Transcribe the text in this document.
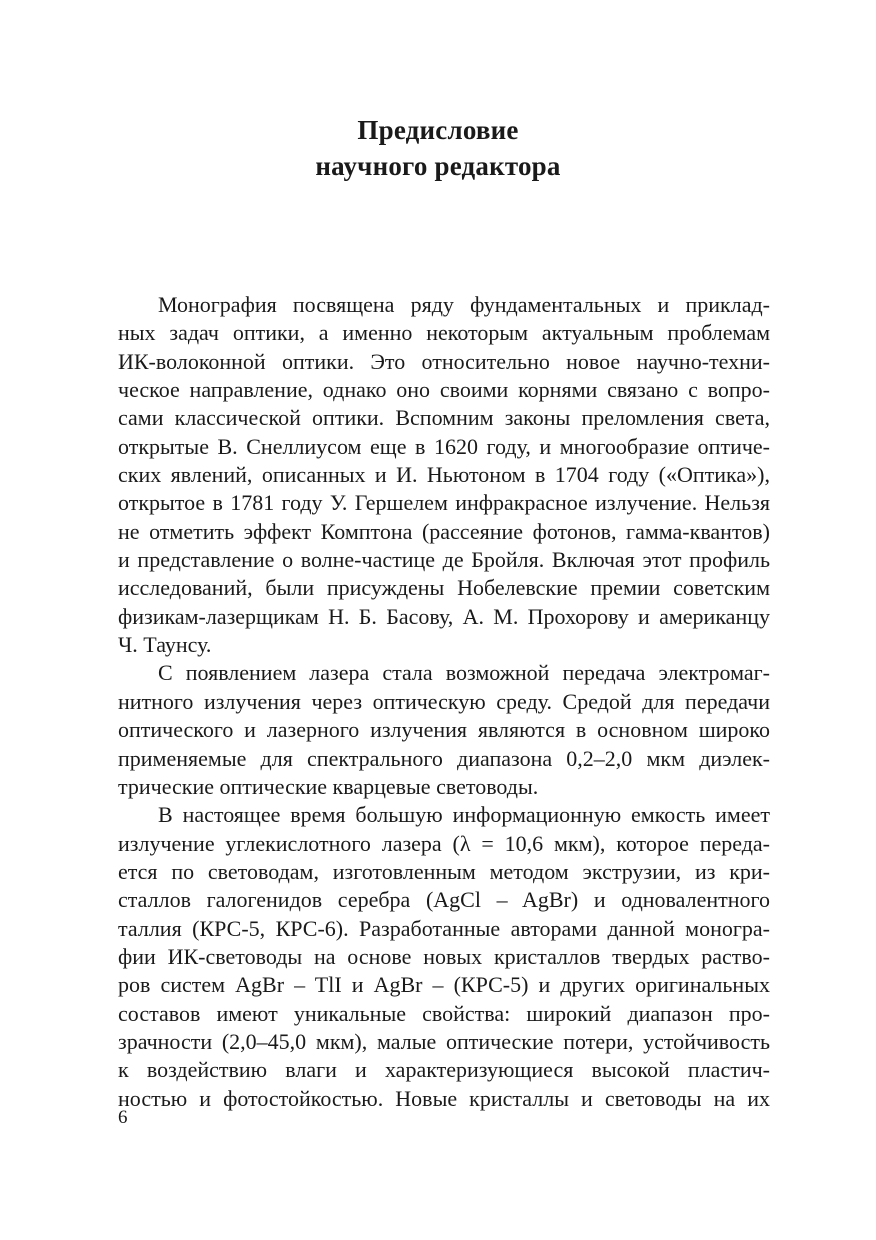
Предисловие
научного редактора
Монография посвящена ряду фундаментальных и приклад-
ных задач оптики, а именно некоторым актуальным проблемам
ИК-волоконной оптики. Это относительно новое научно-техни-
ческое направление, однако оно своими корнями связано с вопро-
сами классической оптики. Вспомним законы преломления света,
открытые В. Снеллиусом еще в 1620 году, и многообразие оптиче-
ских явлений, описанных и И. Ньютоном в 1704 году («Оптика»),
открытое в 1781 году У. Гершелем инфракрасное излучение. Нельзя
не отметить эффект Комптона (рассеяние фотонов, гамма-квантов)
и представление о волне-частице де Бройля. Включая этот профиль
исследований, были присуждены Нобелевские премии советским
физикам-лазерщикам Н. Б. Басову, А. М. Прохорову и американцу
Ч. Таунсу.
С появлением лазера стала возможной передача электромаг-
нитного излучения через оптическую среду. Средой для передачи
оптического и лазерного излучения являются в основном широко
применяемые для спектрального диапазона 0,2–2,0 мкм диэлек-
трические оптические кварцевые световоды.
В настоящее время большую информационную емкость имеет
излучение углекислотного лазера (λ = 10,6 мкм), которое переда-
ется по световодам, изготовленным методом экструзии, из кри-
сталлов галогенидов серебра (AgCl – AgBr) и одновалентного
таллия (КРС-5, КРС-6). Разработанные авторами данной моногра-
фии ИК-световоды на основе новых кристаллов твердых раство-
ров систем AgBr – TlI и AgBr – (КРС-5) и других оригинальных
составов имеют уникальные свойства: широкий диапазон про-
зрачности (2,0–45,0 мкм), малые оптические потери, устойчивость
к воздействию влаги и характеризующиеся высокой пластич-
ностью и фотостойкостью. Новые кристаллы и световоды на их
6
